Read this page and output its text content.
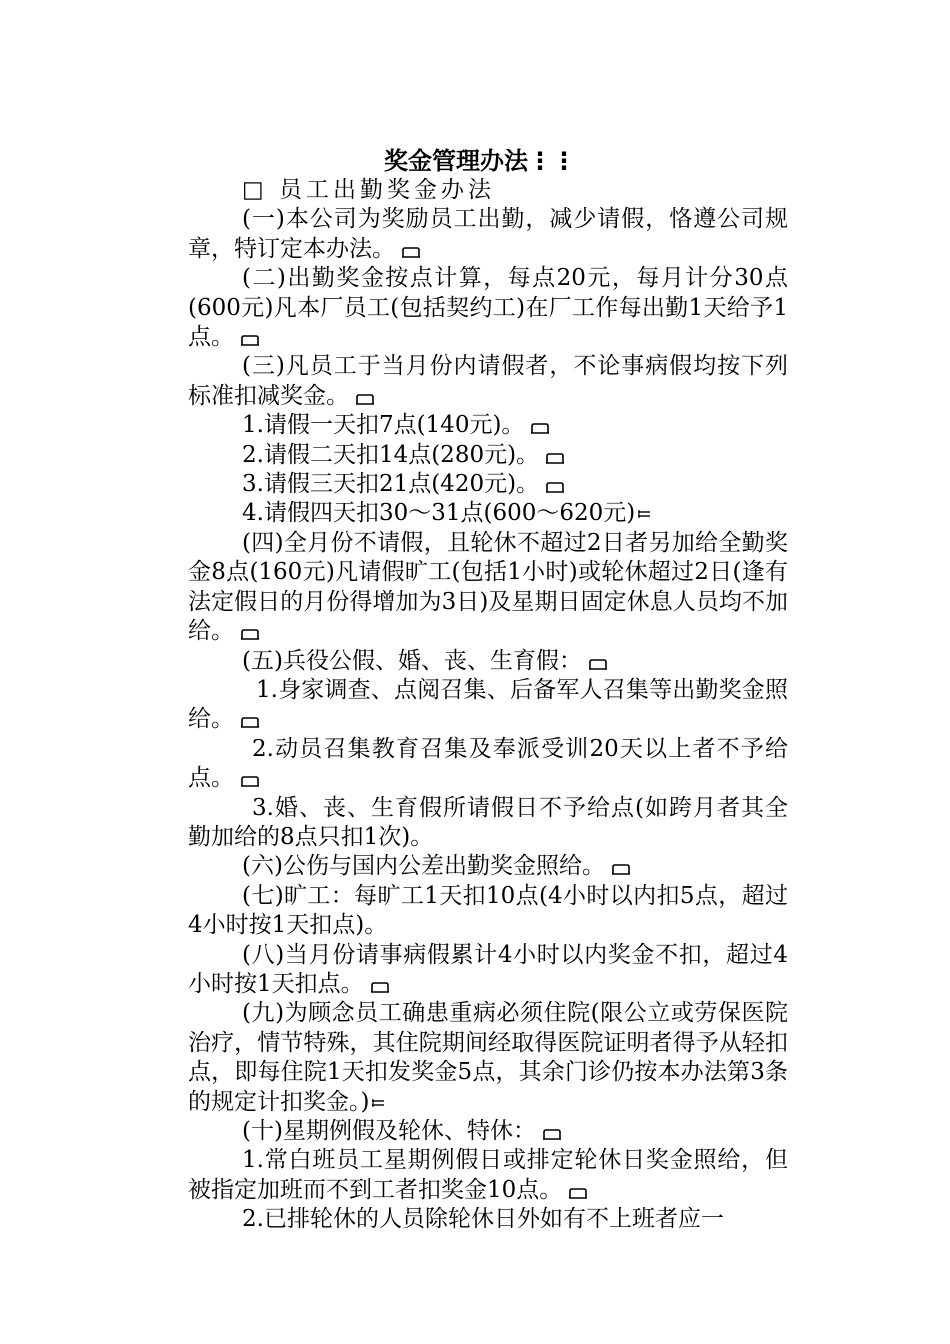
奖金管理办法⋮⋮

□ 员工出勤奖金办法

(一)本公司为奖励员工出勤，减少请假，恪遵公司规章，特订定本办法。

(二)出勤奖金按点计算，每点20元，每月计分30点(600元)凡本厂员工(包括契约工)在厂工作每出勤1天给予1点。

(三)凡员工于当月份内请假者，不论事病假均按下列标准扣减奖金。

1.请假一天扣7点(140元)。

2.请假二天扣14点(280元)。

3.请假三天扣21点(420元)。

4.请假四天扣30～31点(600～620元)

(四)全月份不请假，且轮休不超过2日者另加给全勤奖金8点(160元)凡请假旷工(包括1小时)或轮休超过2日(逢有法定假日的月份得增加为3日)及星期日固定休息人员均不加给。

(五)兵役公假、婚、丧、生育假：

1.身家调查、点阅召集、后备军人召集等出勤奖金照给。

2.动员召集教育召集及奉派受训20天以上者不予给点。

3.婚、丧、生育假所请假日不予给点(如跨月者其全勤加给的8点只扣1次)。

(六)公伤与国内公差出勤奖金照给。

(七)旷工：每旷工1天扣10点(4小时以内扣5点，超过4小时按1天扣点)。

(八)当月份请事病假累计4小时以内奖金不扣，超过4小时按1天扣点。

(九)为顾念员工确患重病必须住院(限公立或劳保医院治疗，情节特殊，其住院期间经取得医院证明者得予从轻扣点，即每住院1天扣发奖金5点，其余门诊仍按本办法第3条的规定计扣奖金。)

(十)星期例假及轮休、特休：

1.常白班员工星期例假日或排定轮休日奖金照给，但被指定加班而不到工者扣奖金10点。

2.已排轮休的人员除轮休日外如有不上班者应一
